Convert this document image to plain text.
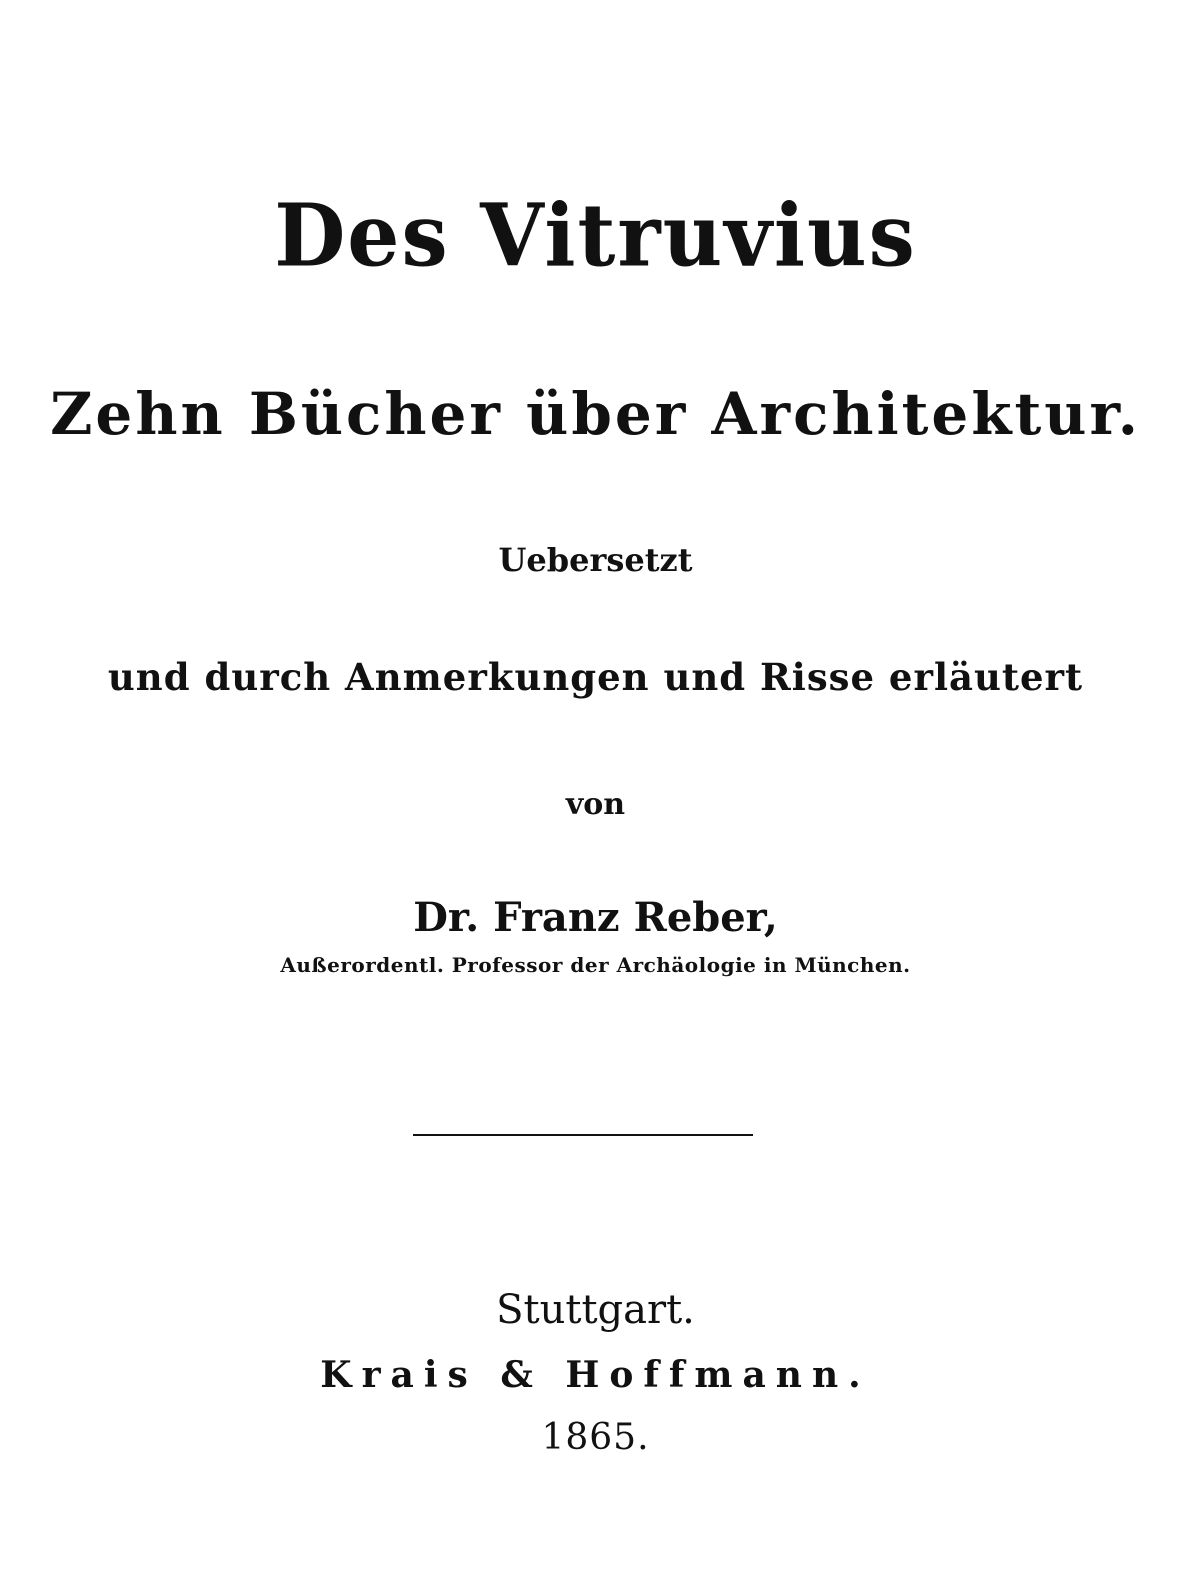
Des Vitruvius
Zehn Bücher über Architektur.
Uebersetzt
und durch Anmerkungen und Risse erläutert
von
Dr. Franz Reber,
Außerordentl. Professor der Archäologie in München.
Stuttgart.
Krais & Hoffmann.
1865.
